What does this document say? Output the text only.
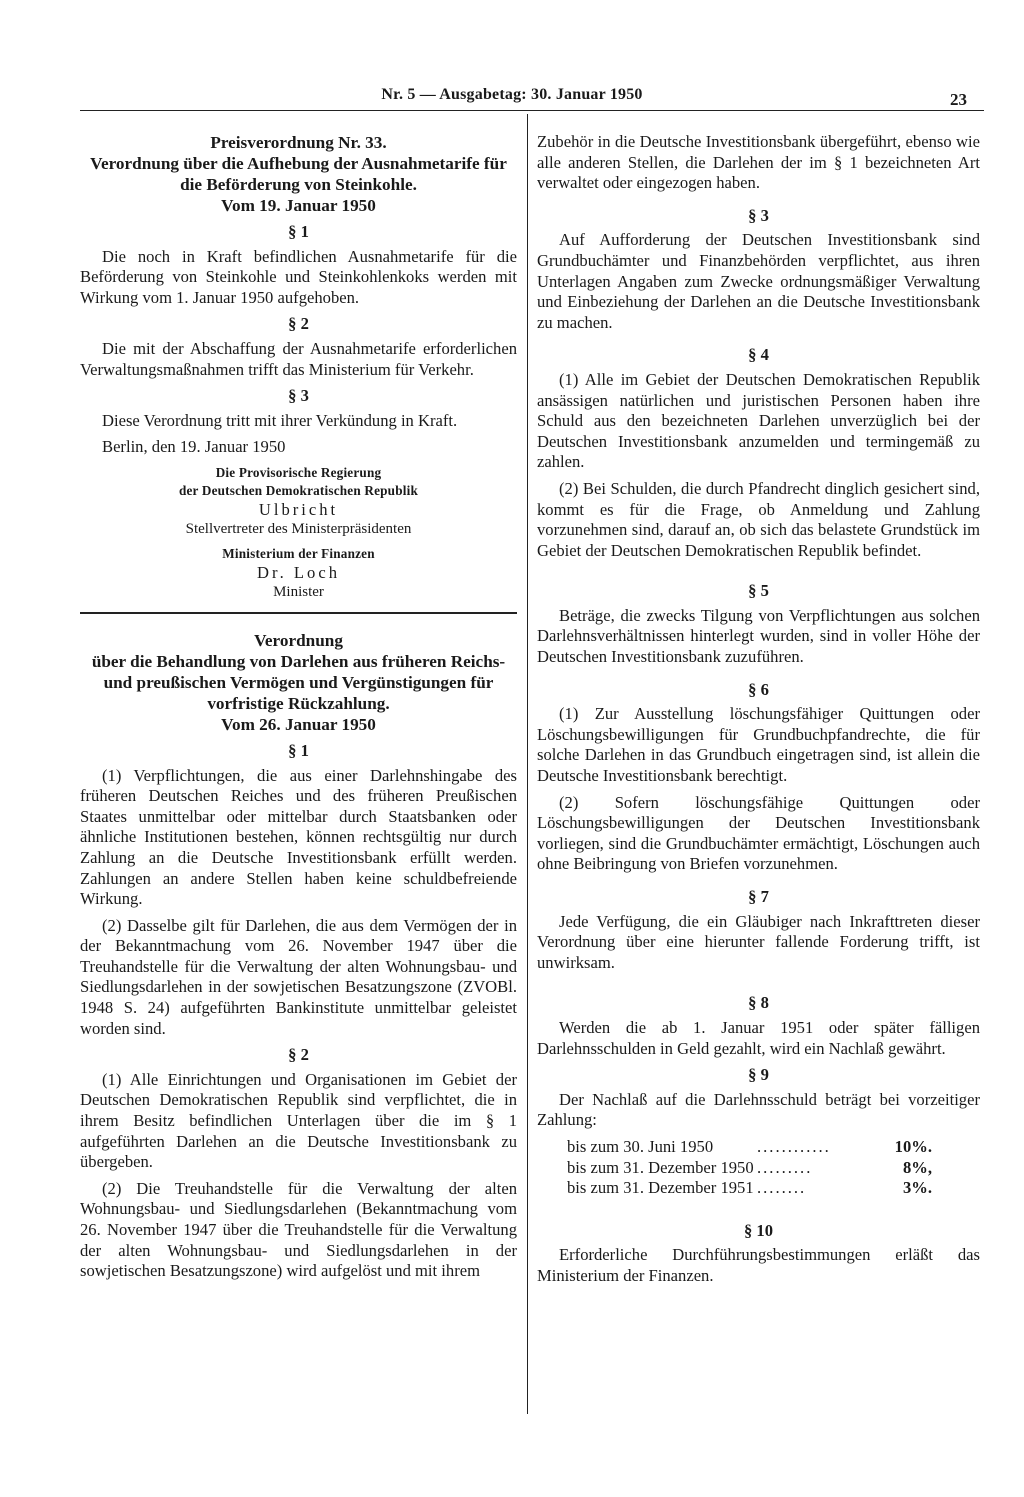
Nr. 5 — Ausgabetag: 30. Januar 1950	23

Preisverordnung Nr. 33.

Verordnung über die Aufhebung der Ausnahmetarife für die Beförderung von Steinkohle.

Vom 19. Januar 1950

§ 1

Die noch in Kraft befindlichen Ausnahmetarife für die Beförderung von Steinkohle und Steinkohlenkoks werden mit Wirkung vom 1. Januar 1950 aufgehoben.

§ 2

Die mit der Abschaffung der Ausnahmetarife erforderlichen Verwaltungsmaßnahmen trifft das Ministerium für Verkehr.

§ 3

Diese Verordnung tritt mit ihrer Verkündung in Kraft.

Berlin, den 19. Januar 1950

Die Provisorische Regierung
der Deutschen Demokratischen Republik
Ulbricht
Stellvertreter des Ministerpräsidenten
Ministerium der Finanzen
Dr. Loch
Minister

Verordnung

über die Behandlung von Darlehen aus früheren Reichs- und preußischen Vermögen und Vergünstigungen für vorfristige Rückzahlung.

Vom 26. Januar 1950

§ 1

(1) Verpflichtungen, die aus einer Darlehnshingabe des früheren Deutschen Reiches und des früheren Preußischen Staates unmittelbar oder mittelbar durch Staatsbanken oder ähnliche Institutionen bestehen, können rechtsgültig nur durch Zahlung an die Deutsche Investitionsbank erfüllt werden. Zahlungen an andere Stellen haben keine schuldbefreiende Wirkung.

(2) Dasselbe gilt für Darlehen, die aus dem Vermögen der in der Bekanntmachung vom 26. November 1947 über die Treuhandstelle für die Verwaltung der alten Wohnungsbau- und Siedlungsdarlehen in der sowjetischen Besatzungszone (ZVOBl. 1948 S. 24) aufgeführten Bankinstitute unmittelbar geleistet worden sind.

§ 2

(1) Alle Einrichtungen und Organisationen im Gebiet der Deutschen Demokratischen Republik sind verpflichtet, die in ihrem Besitz befindlichen Unterlagen über die im § 1 aufgeführten Darlehen an die Deutsche Investitionsbank zu übergeben.

(2) Die Treuhandstelle für die Verwaltung der alten Wohnungsbau- und Siedlungsdarlehen (Bekanntmachung vom 26. November 1947 über die Treuhandstelle für die Verwaltung der alten Wohnungsbau- und Siedlungsdarlehen in der sowjetischen Besatzungszone) wird aufgelöst und mit ihrem

Zubehör in die Deutsche Investitionsbank übergeführt, ebenso wie alle anderen Stellen, die Darlehen der im § 1 bezeichneten Art verwaltet oder eingezogen haben.

§ 3

Auf Aufforderung der Deutschen Investitionsbank sind Grundbuchämter und Finanzbehörden verpflichtet, aus ihren Unterlagen Angaben zum Zwecke ordnungsmäßiger Verwaltung und Einbeziehung der Darlehen an die Deutsche Investitionsbank zu machen.

§ 4

(1) Alle im Gebiet der Deutschen Demokratischen Republik ansässigen natürlichen und juristischen Personen haben ihre Schuld aus den bezeichneten Darlehen unverzüglich bei der Deutschen Investitionsbank anzumelden und termingemäß zu zahlen.

(2) Bei Schulden, die durch Pfandrecht dinglich gesichert sind, kommt es für die Frage, ob Anmeldung und Zahlung vorzunehmen sind, darauf an, ob sich das belastete Grundstück im Gebiet der Deutschen Demokratischen Republik befindet.

§ 5

Beträge, die zwecks Tilgung von Verpflichtungen aus solchen Darlehnsverhältnissen hinterlegt wurden, sind in voller Höhe der Deutschen Investitionsbank zuzuführen.

§ 6

(1) Zur Ausstellung löschungsfähiger Quittungen oder Löschungsbewilligungen für Grundbuchpfandrechte, die für solche Darlehen in das Grundbuch eingetragen sind, ist allein die Deutsche Investitionsbank berechtigt.

(2) Sofern löschungsfähige Quittungen oder Löschungsbewilligungen der Deutschen Investitionsbank vorliegen, sind die Grundbuchämter ermächtigt, Löschungen auch ohne Beibringung von Briefen vorzunehmen.

§ 7

Jede Verfügung, die ein Gläubiger nach Inkrafttreten dieser Verordnung über eine hierunter fallende Forderung trifft, ist unwirksam.

§ 8

Werden die ab 1. Januar 1951 oder später fälligen Darlehnsschulden in Geld gezahlt, wird ein Nachlaß gewährt.

§ 9

Der Nachlaß auf die Darlehnsschuld beträgt bei vorzeitiger Zahlung:

bis zum 30. Juni 1950	............	10%.
bis zum 31. Dezember 1950	.........	8%,
bis zum 31. Dezember 1951	........	3%.
§ 10

Erforderliche Durchführungsbestimmungen erläßt das Ministerium der Finanzen.
